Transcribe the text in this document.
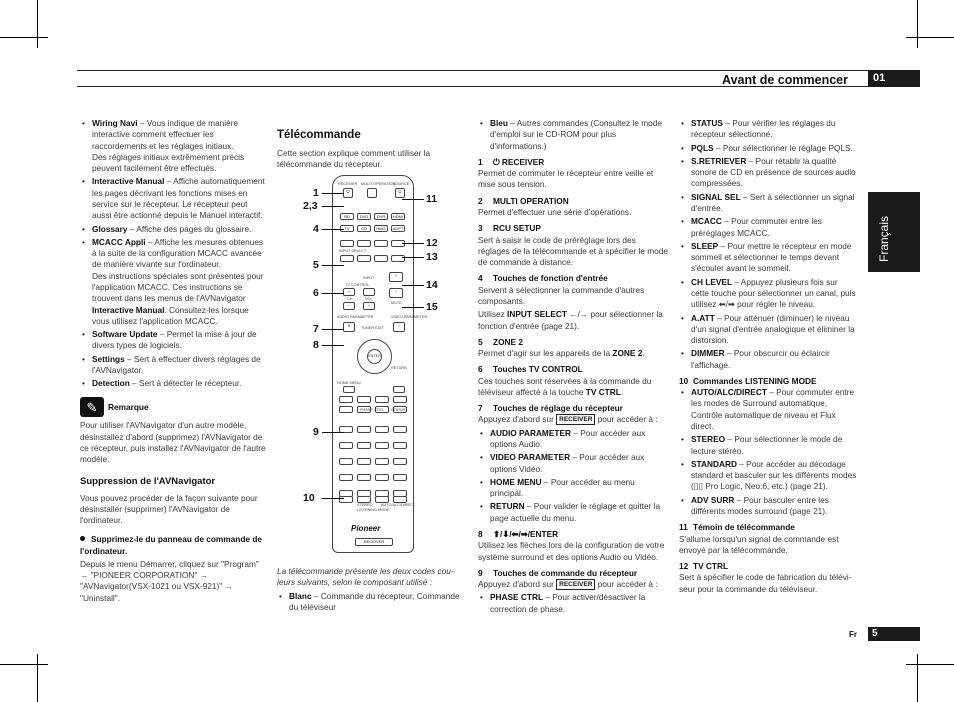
Avant de commencer	01
Français
• Wiring Navi – Vous indique de manière interactive comment effectuer les raccordements et les réglages initiaux.
Des réglages initiaux extrêmement précis peuvent facilement être effectués.
• Interactive Manual – Affiche automatiquement les pages décrivant les fonctions mises en service sur le récepteur. Le récepteur peut aussi être actionné depuis le Manuel interactif.
• Glossary – Affiche des pages du glossaire.
• MCACC Appli – Affiche les mesures obtenues à la suite de la configuration MCACC avancée de manière vivante sur l'ordinateur.
Des instructions spéciales sont présentes pour l'application MCACC. Ces instructions se trouvent dans les menus de l'AVNavigator Interactive Manual. Consultez-les lorsque vous utilisez l'application MCACC.
• Software Update – Permet la mise à jour de divers types de logiciels.
• Settings – Sert à effectuer divers réglages de l'AVNavigator.
• Detection – Sert à détecter le récepteur.
✎	Remarque

Pour utiliser l'AVNavigator d'un autre modèle, désinstallez d'abord (supprimez) l'AVNavigator de ce récepteur, puis installez l'AVNavigator de l'autre modèle.

Suppression de l'AVNavigator

Vous pouvez procéder de la façon suivante pour désinstaller (supprimer) l'AVNavigator de l'ordinateur.

Supprimez-le du panneau de commande de l'ordinateur.

Depuis le menu Démarrer, cliquez sur "Program" → "PIONEER CORPORATION" → "AVNavigator(VSX-1021 ou VSX-921)" → "Uninstall".

Télécommande

Cette section explique comment utiliser la télécommande du récepteur.

RECEIVER MULTI OPERATION
SOURCE
⏻	⏻
BD	DVD	DVR	HDMI
TV	CD	HMG	ADPT
INPUT SELECT
INPUT
TV CONTROL
+
+
−	−
−
CH	VOL
MUTE
✕	/
AUDIO PARAMETER	VIDEO PARAMETER
TUNER EDIT
ENTER
HOME MENU
RETURN
PHASE CTRL STATUS
STEREO AUTO/ALC/DIRECT
LISTENING MODE
Pioneer
RECEIVER
1
2,3
4
5
6
7
8
9
10
11
12
13
14
15

La télécommande présente les deux codes cou-leurs suivants, selon le composant utilisé :

• Blanc – Commande du récepteur, Commande du téléviseur
• Bleu – Autres commandes (Consultez le mode d'emploi sur le CD-ROM pour plus d'informations.)
1 ⏻ RECEIVER

Permet de commuter le récepteur entre veille et mise sous tension.

2 MULTI OPERATION

Permet d'effectuer une série d'opérations.

3 RCU SETUP

Sert à saisir le code de préréglage lors des réglages de la télécommande et à spécifier le mode de commande à distance.

4 Touches de fonction d'entrée

Servent à sélectionner la commande d'autres composants.

Utilisez INPUT SELECT ←/→ pour sélectionner la fonction d'entrée (page 21).

5 ZONE 2

Permet d'agir sur les appareils de la ZONE 2.

6 Touches TV CONTROL

Ces touches sont réservées à la commande du téléviseur affecté à la touche TV CTRL.

7 Touches de réglage du récepteur

Appuyez d'abord sur RECEIVER pour accéder à :

• AUDIO PARAMETER – Pour accéder aux options Audio.
• VIDEO PARAMETER – Pour accéder aux options Vidéo.
• HOME MENU – Pour accéder au menu principal.
• RETURN – Pour valider le réglage et quitter la page actuelle du menu.
8 ⬆/⬇/⬅/➡/ENTER

Utilisez les flèches lors de la configuration de votre système surround et des options Audio ou Vidéo.

9 Touches de commande du récepteur

Appuyez d'abord sur RECEIVER pour accéder à :

• PHASE CTRL – Pour activer/désactiver la correction de phase.
• STATUS – Pour vérifier les réglages du récepteur sélectionné.
• PQLS – Pour sélectionner le réglage PQLS.
• S.RETRIEVER – Pour rétablir la qualité sonore de CD en présence de sources audio compressées.
• SIGNAL SEL – Sert à sélectionner un signal d'entrée.
• MCACC – Pour commuter entre les préréglages MCACC.
• SLEEP – Pour mettre le récepteur en mode sommeil et sélectionner le temps devant s'écouler avant le sommeil.
• CH LEVEL – Appuyez plusieurs fois sur cette touche pour sélectionner un canal, puis utilisez ⬅/➡ pour régler le niveau.
• A.ATT – Pour atténuer (diminuer) le niveau d'un signal d'entrée analogique et éliminer la distorsion.
• DIMMER – Pour obscurcir ou éclaircir l'affichage.
10 Commandes LISTENING MODE
• AUTO/ALC/DIRECT – Pour commuter entre les modes de Surround automatique, Contrôle automatique de niveau et Flux direct.
• STEREO – Pour sélectionner le mode de lecture stéréo.
• STANDARD – Pour accéder au décodage standard et basculer sur les différents modes (▯▯ Pro Logic, Neo:6, etc.) (page 21).
• ADV SURR – Pour basculer entre les différents modes surround (page 21).
11 Témoin de télécommande

S'allume lorsqu'un signal de commande est envoyé par la télécommande.

12 TV CTRL

Sert à spécifier le code de fabrication du télévi-seur pour la commande du téléviseur.

Fr	5
